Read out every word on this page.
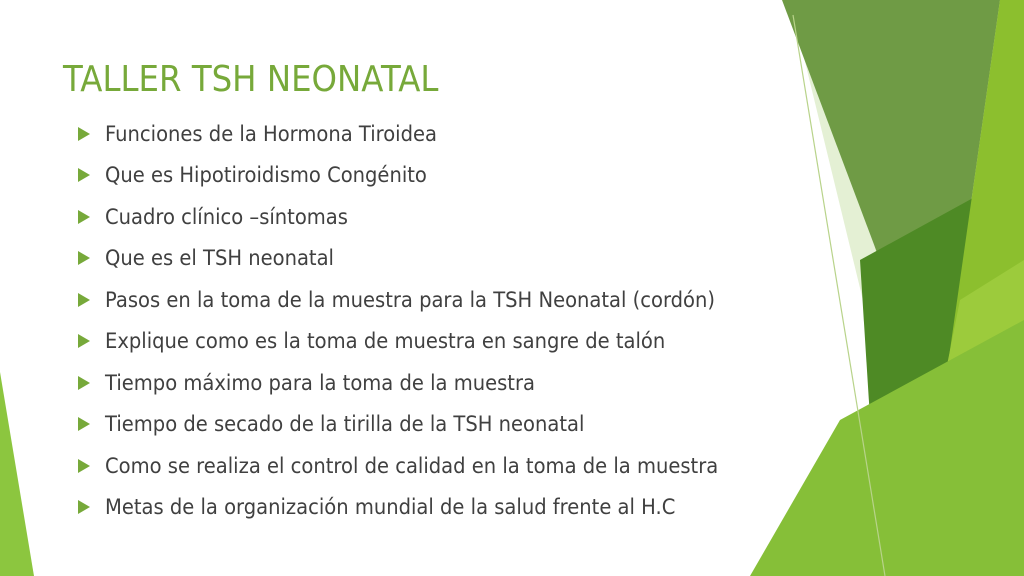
TALLER TSH NEONATAL
Funciones de la Hormona Tiroidea
Que es Hipotiroidismo Congénito
Cuadro clínico –síntomas
Que es el TSH neonatal
Pasos en la toma de la muestra para la TSH Neonatal (cordón)
Explique como es la toma de muestra en sangre de talón
Tiempo máximo para la toma de la muestra
Tiempo de secado de la tirilla de la TSH neonatal
Como se realiza el control de calidad en la toma de la muestra
Metas de la organización mundial de la salud frente al H.C
